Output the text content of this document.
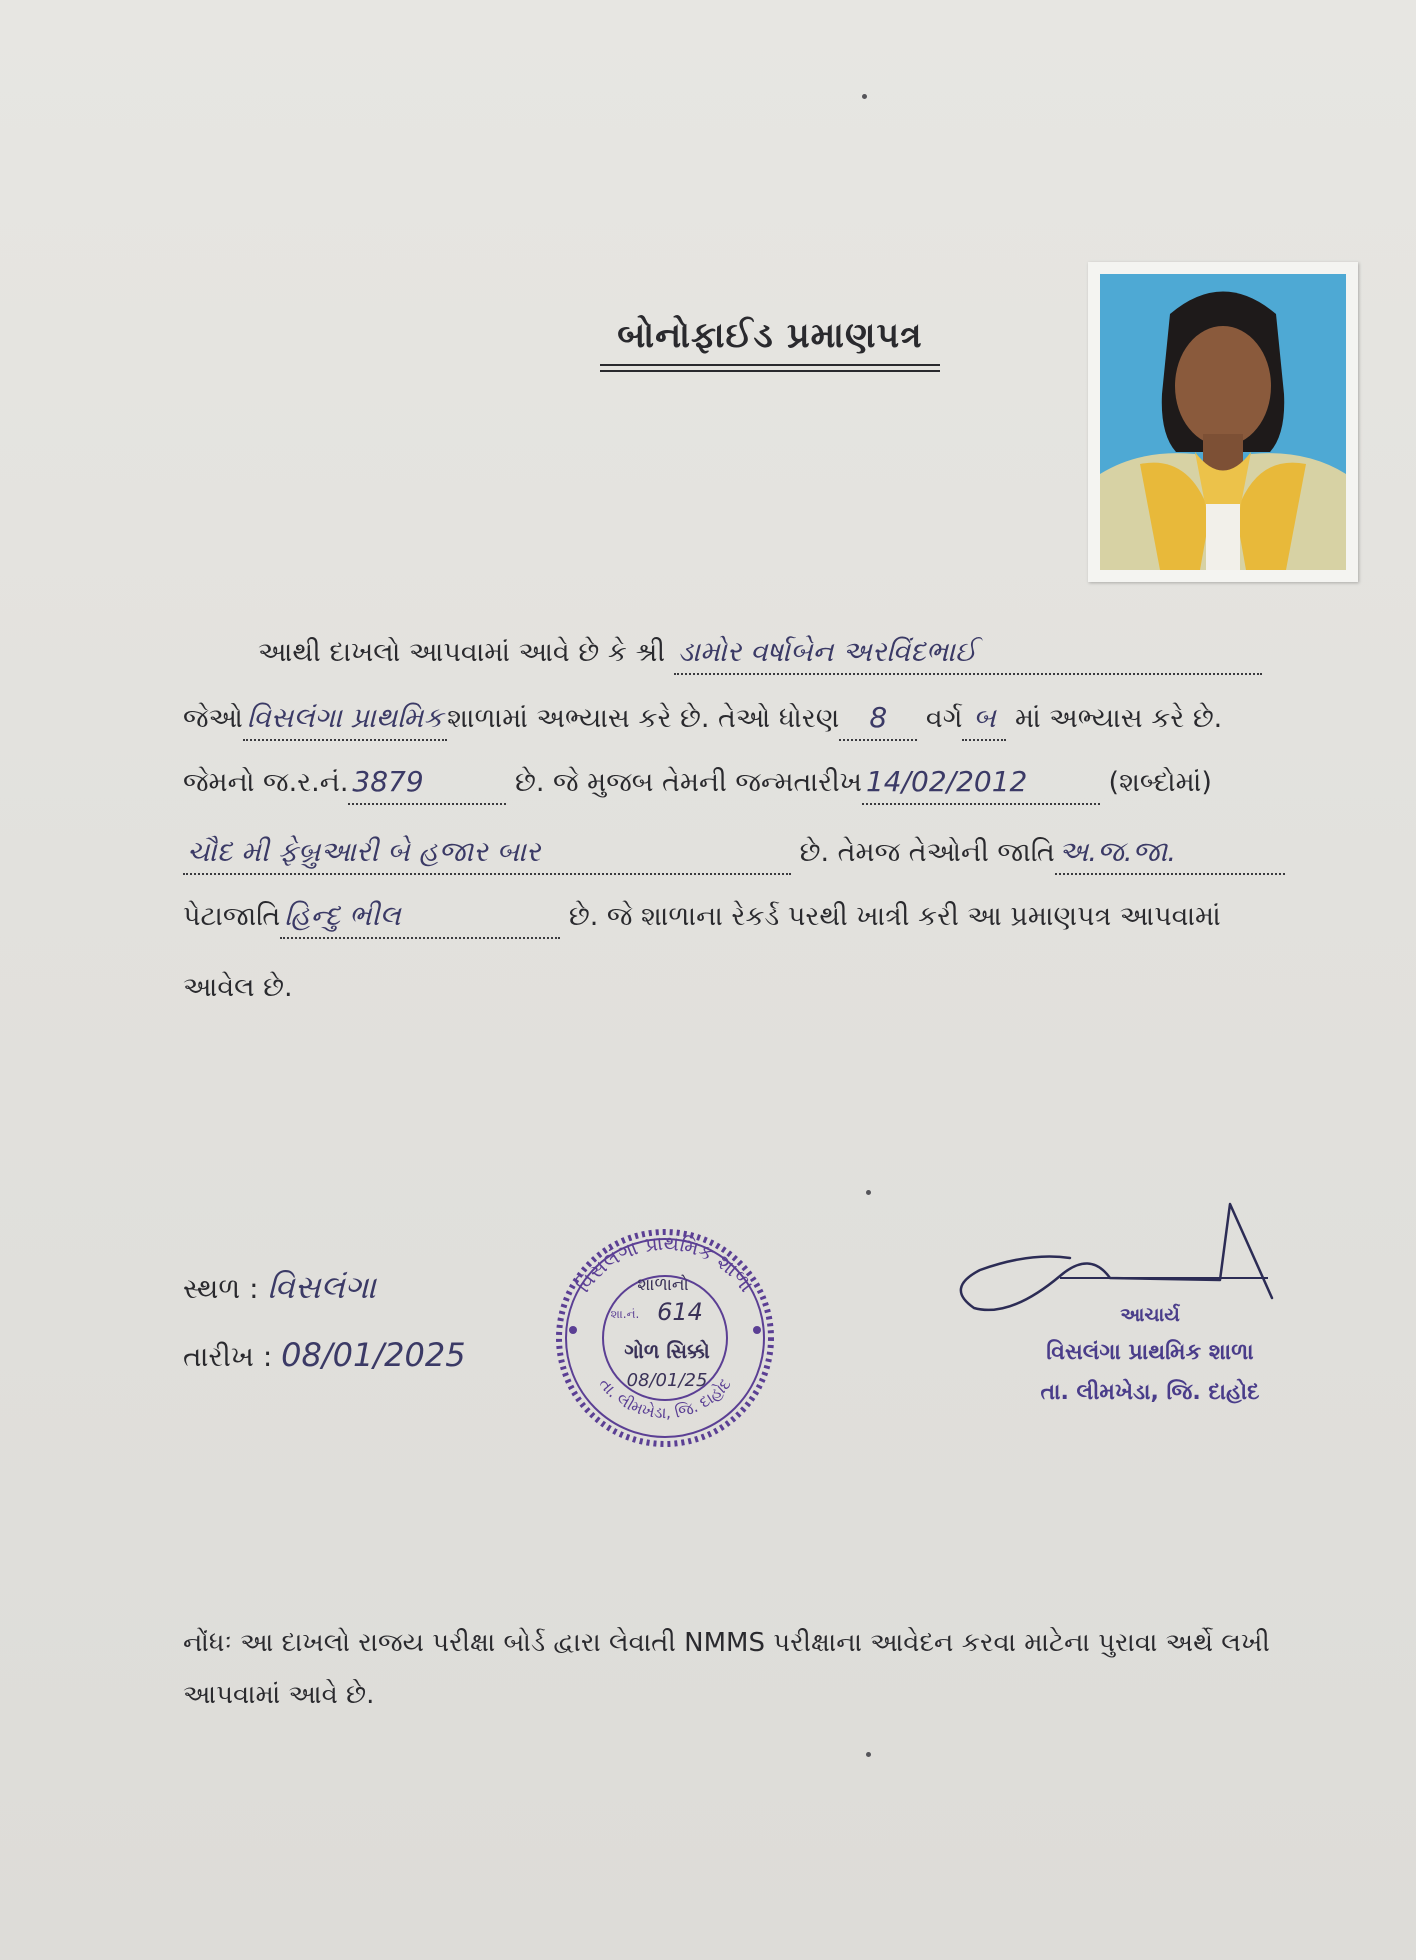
બોનોફાઈડ પ્રમાણપત્ર
આથી દાખલો આપવામાં આવે છે કે શ્રી ડામોર વર્ષાબેન અરવિંદભાઈ
જેઓ વિસલંગા પ્રાથમિક શાળામાં અભ્યાસ કરે છે. તેઓ ધોરણ 8 વર્ગ બ માં અભ્યાસ કરે છે.
જેમનો જ.ર.નં. 3879	છે. જે મુજબ તેમની જન્મતારીખ 14/02/2012	(શબ્દોમાં)
ચૌદ મી ફેબ્રુઆરી બે હજાર બાર	છે. તેમજ તેઓની જાતિ અ.જ.જા.
પેટાજાતિ હિન્દુ ભીલ	છે. જે શાળાના રેકર્ડ પરથી ખાત્રી કરી આ પ્રમાણપત્ર આપવામાં
આવેલ છે.
સ્થળ : વિસલંગા
તારીખ : 08/01/2025
વિસલંગા પ્રાથમિક શાળા
તા. લીમખેડા, જિ. દાહોદ
શાળાનો
શા.નં. 614
ગોળ સિક્કો
08/01/25
આચાર્ય
વિસલંગા પ્રાથમિક શાળા
તા. લીમખેડા, જિ. દાહોદ
નોંધઃ આ દાખલો રાજય પરીક્ષા બોર્ડ દ્વારા લેવાતી NMMS પરીક્ષાના આવેદન કરવા માટેના પુરાવા અર્થે લખી
આપવામાં આવે છે.
